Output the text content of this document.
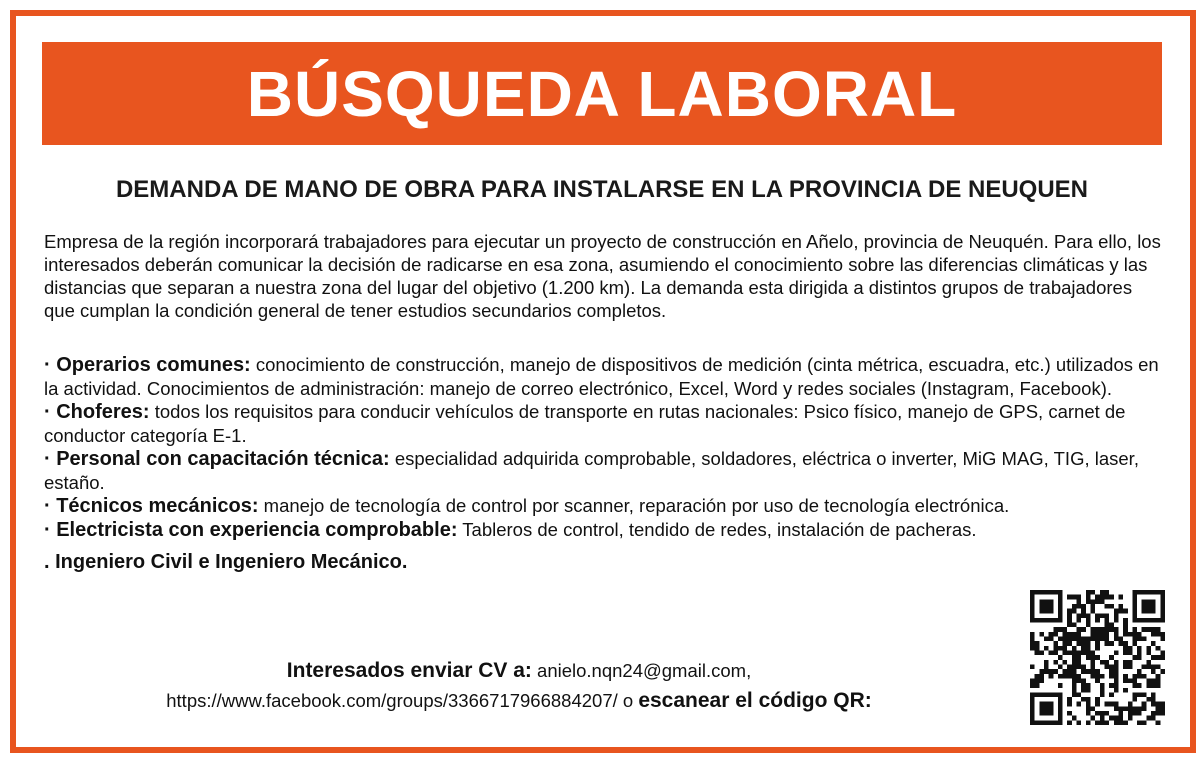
BÚSQUEDA LABORAL
DEMANDA DE MANO DE OBRA PARA INSTALARSE EN LA PROVINCIA DE NEUQUEN

Empresa de la región incorporará trabajadores para ejecutar un proyecto de construcción en Añelo, provincia de Neuquén. Para ello, los interesados deberán comunicar la decisión de radicarse en esa zona, asumiendo el conocimiento sobre las diferencias climáticas y las distancias que separan a nuestra zona del lugar del objetivo (1.200 km). La demanda esta dirigida a distintos grupos de trabajadores que cumplan la condición general de tener estudios secundarios completos.

· Operarios comunes: conocimiento de construcción, manejo de dispositivos de medición (cinta métrica, escuadra, etc.) utilizados en la actividad. Conocimientos de administración: manejo de correo electrónico, Excel, Word y redes sociales (Instagram, Facebook).

· Choferes: todos los requisitos para conducir vehículos de transporte en rutas nacionales: Psico físico, manejo de GPS, carnet de conductor categoría E-1.

· Personal con capacitación técnica: especialidad adquirida comprobable, soldadores, eléctrica o inverter, MiG MAG, TIG, laser, estaño.

· Técnicos mecánicos: manejo de tecnología de control por scanner, reparación por uso de tecnología electrónica.

· Electricista con experiencia comprobable: Tableros de control, tendido de redes, instalación de pacheras.

. Ingeniero Civil e Ingeniero Mecánico.

Interesados enviar CV a: anielo.nqn24@gmail.com,
https://www.facebook.com/groups/3366717966884207/ o escanear el código QR:
